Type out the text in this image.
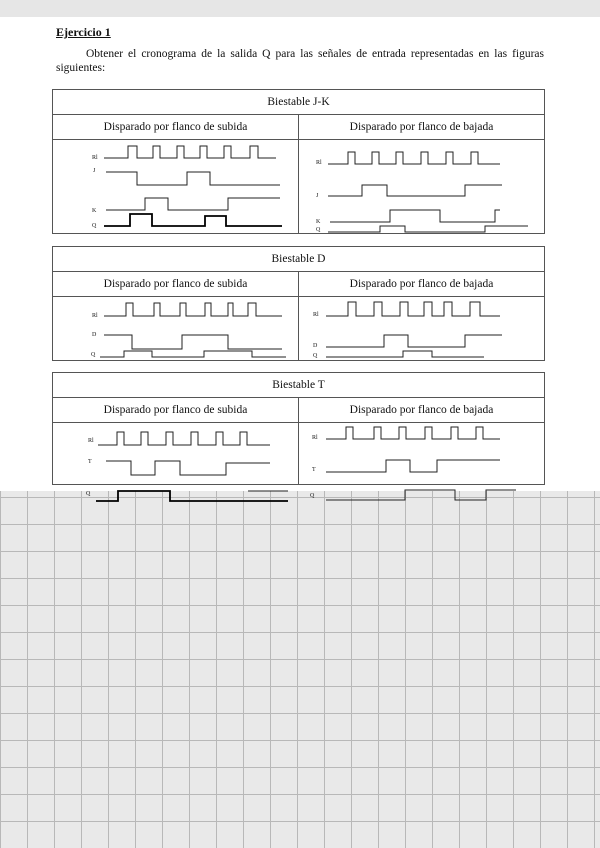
Ejercicio 1
Obtener el cronograma de la salida Q para las señales de entrada representadas en las figuras siguientes:
Biestable J-K
Disparado por flanco de subida	Disparado por flanco de bajada
Biestable D
Disparado por flanco de subida	Disparado por flanco de bajada
Biestable T
Disparado por flanco de subida	Disparado por flanco de bajada
Rl
J
K
Q
Rl
J
K
Q
Rl
D
Q
Rl
D
Q
Rl
T
Q
Rl
T
Q
